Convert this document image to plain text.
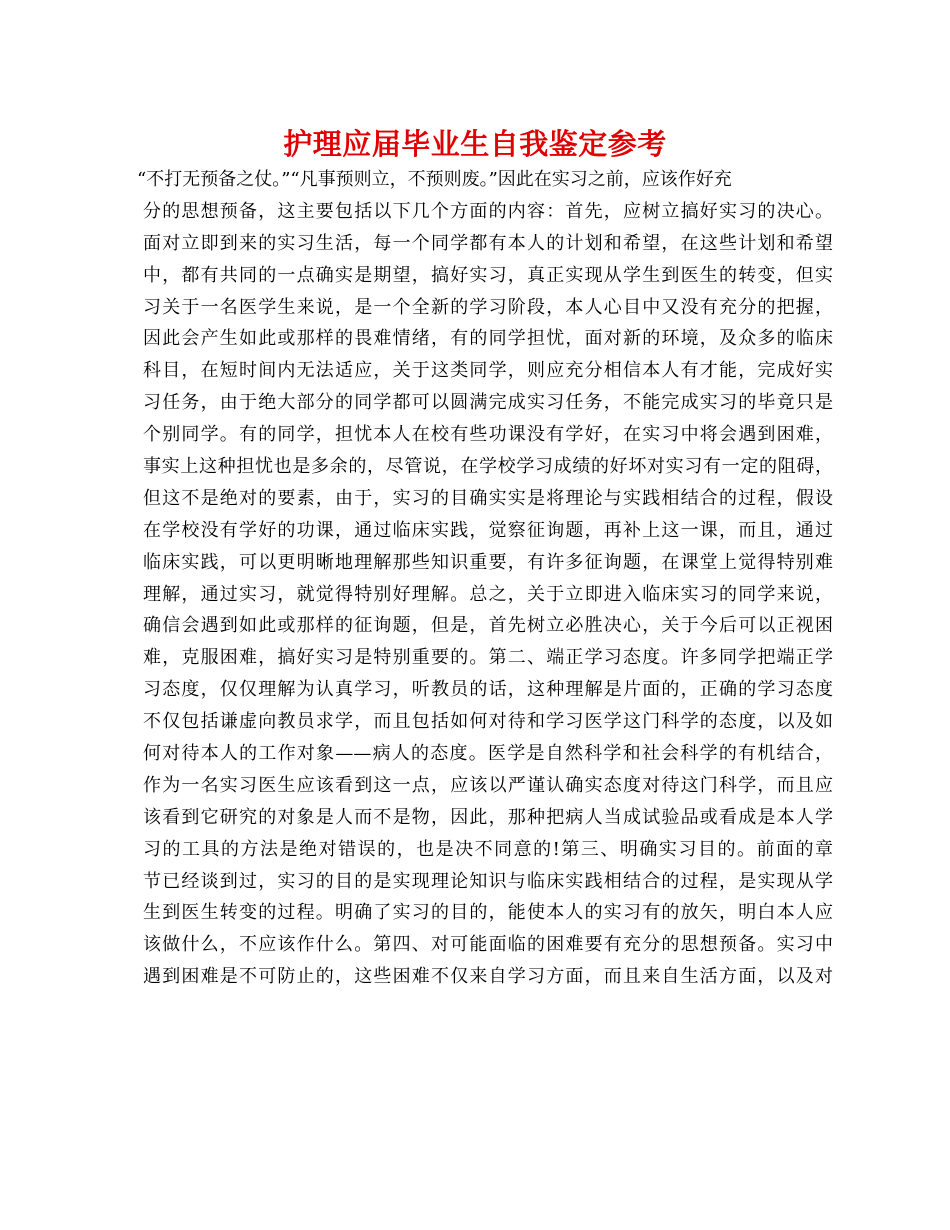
护理应届毕业生自我鉴定参考
“不打无预备之仗。”“凡事预则立，不预则废。”因此在实习之前，应该作好充
分的思想预备，这主要包括以下几个方面的内容：首先，应树立搞好实习的决心。
面对立即到来的实习生活，每一个同学都有本人的计划和希望，在这些计划和希望
中，都有共同的一点确实是期望，搞好实习，真正实现从学生到医生的转变，但实
习关于一名医学生来说，是一个全新的学习阶段，本人心目中又没有充分的把握，
因此会产生如此或那样的畏难情绪，有的同学担忧，面对新的环境，及众多的临床
科目，在短时间内无法适应，关于这类同学，则应充分相信本人有才能，完成好实
习任务，由于绝大部分的同学都可以圆满完成实习任务，不能完成实习的毕竟只是
个别同学。有的同学，担忧本人在校有些功课没有学好，在实习中将会遇到困难，
事实上这种担忧也是多余的，尽管说，在学校学习成绩的好坏对实习有一定的阻碍，
但这不是绝对的要素，由于，实习的目确实实是将理论与实践相结合的过程，假设
在学校没有学好的功课，通过临床实践，觉察征询题，再补上这一课，而且，通过
临床实践，可以更明晰地理解那些知识重要，有许多征询题，在课堂上觉得特别难
理解，通过实习，就觉得特别好理解。总之，关于立即进入临床实习的同学来说，
确信会遇到如此或那样的征询题，但是，首先树立必胜决心，关于今后可以正视困
难，克服困难，搞好实习是特别重要的。第二、端正学习态度。许多同学把端正学
习态度，仅仅理解为认真学习，听教员的话，这种理解是片面的，正确的学习态度
不仅包括谦虚向教员求学，而且包括如何对待和学习医学这门科学的态度，以及如
何对待本人的工作对象——病人的态度。医学是自然科学和社会科学的有机结合，
作为一名实习医生应该看到这一点，应该以严谨认确实态度对待这门科学，而且应
该看到它研究的对象是人而不是物，因此，那种把病人当成试验品或看成是本人学
习的工具的方法是绝对错误的，也是决不同意的!第三、明确实习目的。前面的章
节已经谈到过，实习的目的是实现理论知识与临床实践相结合的过程，是实现从学
生到医生转变的过程。明确了实习的目的，能使本人的实习有的放矢，明白本人应
该做什么，不应该作什么。第四、对可能面临的困难要有充分的思想预备。实习中
遇到困难是不可防止的，这些困难不仅来自学习方面，而且来自生活方面，以及对
